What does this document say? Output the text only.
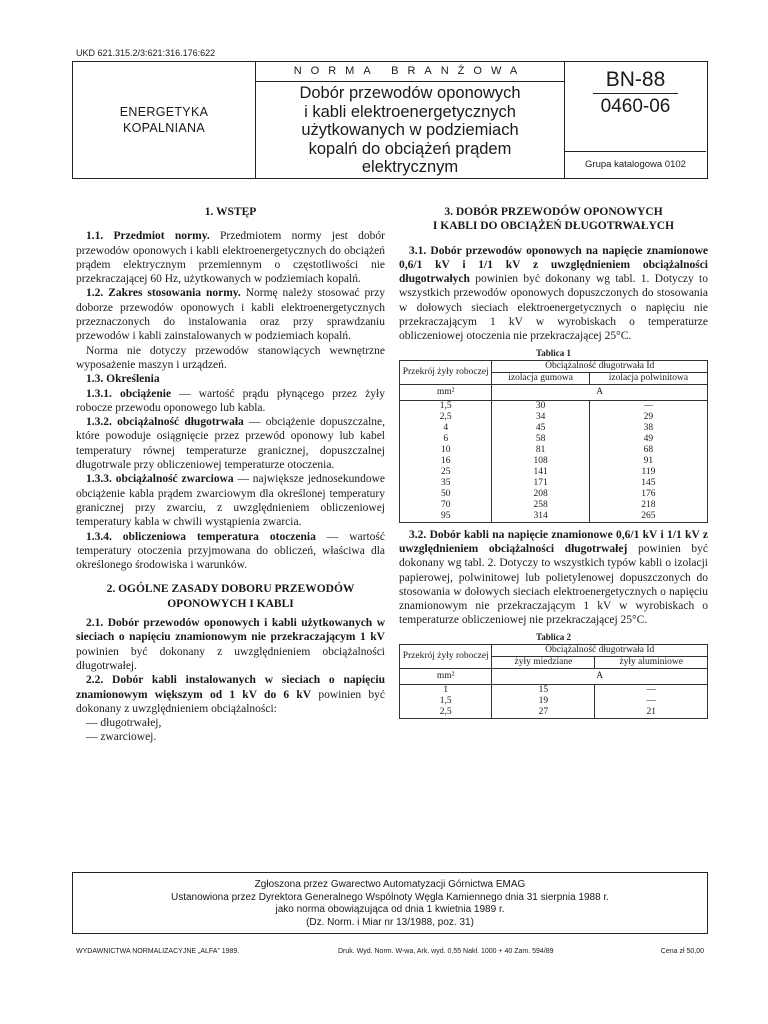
UKD 621.315.2/3:621:316.176:622
ENERGETYKA
KOPALNIANA
NORMA BRANŻOWA
Dobór przewodów oponowych
i kabli elektroenergetycznych
użytkowanych w podziemiach
kopalń do obciążeń prądem
elektrycznym
BN-88
0460-06
Grupa katalogowa 0102
1. WSTĘP

1.1. Przedmiot normy. Przedmiotem normy jest dobór przewodów oponowych i kabli elektroenergetycznych do obciążeń prądem elektrycznym przemiennym o częstotliwości nie przekraczającej 60 Hz, użytkowanych w podziemiach kopalń.

1.2. Zakres stosowania normy. Normę należy stosować przy doborze przewodów oponowych i kabli elektroenergetycznych przeznaczonych do instalowania oraz przy sprawdzaniu przewodów i kabli zainstalowanych w podziemiach kopalń.

Norma nie dotyczy przewodów stanowiących wewnętrzne wyposażenie maszyn i urządzeń.

1.3. Określenia

1.3.1. obciążenie — wartość prądu płynącego przez żyły robocze przewodu oponowego lub kabla.

1.3.2. obciążalność długotrwała — obciążenie dopuszczalne, które powoduje osiągnięcie przez przewód oponowy lub kabel temperatury równej temperaturze granicznej, dopuszczalnej długotrwale przy obliczeniowej temperaturze otoczenia.

1.3.3. obciążalność zwarciowa — największe jednosekundowe obciążenie kabla prądem zwarciowym dla określonej temperatury granicznej przy zwarciu, z uwzględnieniem obliczeniowej temperatury kabla w chwili wystąpienia zwarcia.

1.3.4. obliczeniowa temperatura otoczenia — wartość temperatury otoczenia przyjmowana do obliczeń, właściwa dla określonego środowiska i warunków.

2. OGÓLNE ZASADY DOBORU PRZEWODÓW
OPONOWYCH I KABLI

2.1. Dobór przewodów oponowych i kabli użytkowanych w sieciach o napięciu znamionowym nie przekraczającym 1 kV powinien być dokonany z uwzględnieniem obciążalności długotrwałej.

2.2. Dobór kabli instalowanych w sieciach o napięciu znamionowym większym od 1 kV do 6 kV powinien być dokonany z uwzględnieniem obciążalności:

— długotrwałej,
— zwarciowej.
3. DOBÓR PRZEWODÓW OPONOWYCH
I KABLI DO OBCIĄŻEŃ DŁUGOTRWAŁYCH

3.1. Dobór przewodów oponowych na napięcie znamionowe 0,6/1 kV i 1/1 kV z uwzględnieniem obciążalności długotrwałych powinien być dokonany wg tabl. 1. Dotyczy to wszystkich przewodów oponowych dopuszczonych do stosowania w dołowych sieciach elektroenergetycznych o napięciu nie przekraczającym 1 kV w wyrobiskach o temperaturze obliczeniowej otoczenia nie przekraczającej 25°C.

Tablica 1
Przekrój żyły roboczej	Obciążalność długotrwała Id	
	izolacja gumowa	izolacja polwinitowa
mm²	A	
1,5	30	—
2,5	34	29
4	45	38
6	58	49
10	81	68
16	108	91
25	141	119
35	171	145
50	208	176
70	258	218
95	314	265

3.2. Dobór kabli na napięcie znamionowe 0,6/1 kV i 1/1 kV z uwzględnieniem obciążalności długotrwałej powinien być dokonany wg tabl. 2. Dotyczy to wszystkich typów kabli o izolacji papierowej, polwinitowej lub polietylenowej dopuszczonych do stosowania w dołowych sieciach elektroenergetycznych o napięciu znamionowym nie przekraczającym 1 kV w wyrobiskach o temperaturze obliczeniowej nie przekraczającej 25°C.

Tablica 2
Przekrój żyły roboczej	Obciążalność długotrwała Id	
	żyły miedziane	żyły aluminiowe
mm²	A	
1	15	—
1,5	19	—
2,5	27	21
Zgłoszona przez Gwarectwo Automatyzacji Górnictwa EMAG
Ustanowiona przez Dyrektora Generalnego Wspólnoty Węgla Kamiennego dnia 31 sierpnia 1988 r.
jako norma obowiązująca od dnia 1 kwietnia 1989 r.
(Dz. Norm. i Miar nr 13/1988, poz. 31)
WYDAWNICTWA NORMALIZACYJNE „ALFA” 1989.	Druk. Wyd. Norm. W-wa, Ark. wyd. 0,55 Nakł. 1000 + 40 Zam. 594/89	Cena zł 50,00
